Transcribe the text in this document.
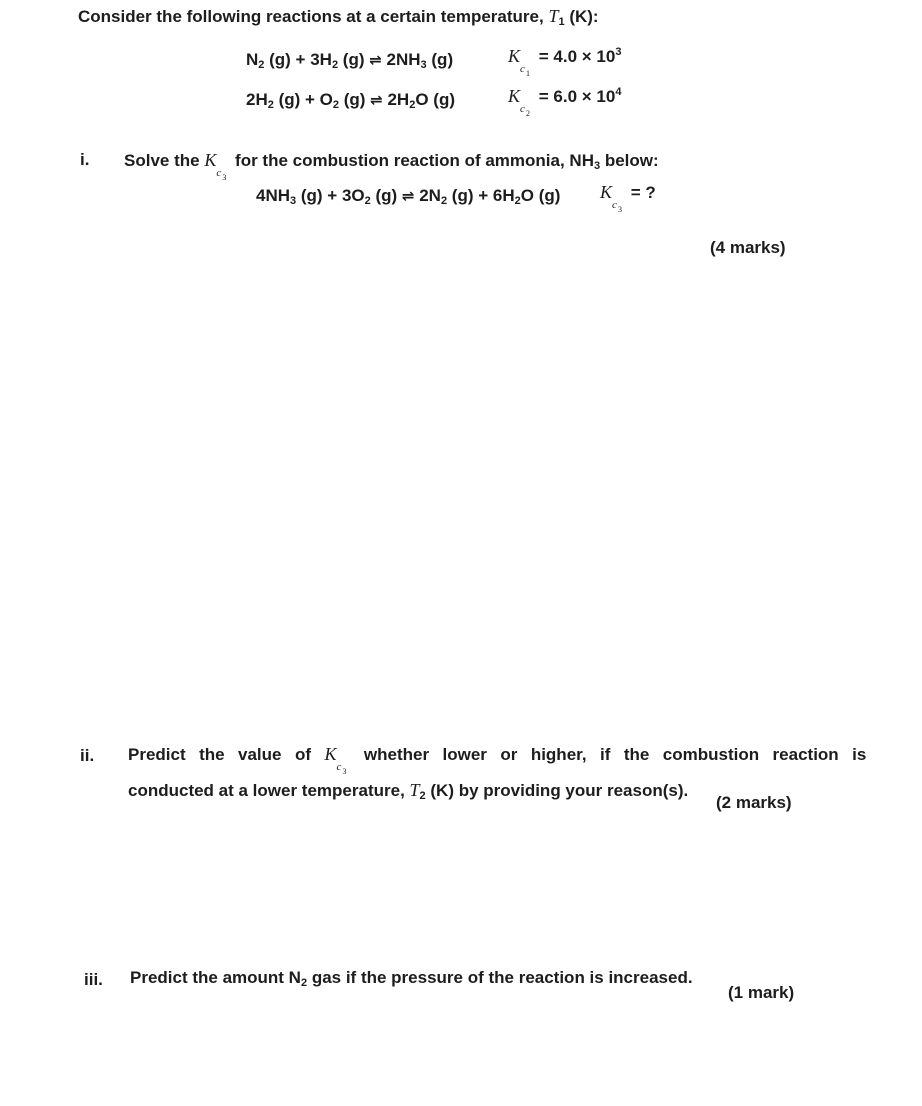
Consider the following reactions at a certain temperature, $T_1$ (K):
$N_2$ $(g) + 3H_2$ (g) ⇌ $2NH_3$ (g)	Kc 1
= $4.0 \times 10^3$
$2H_2$ $(g) + O_2$ (g) ⇌ $2H_2O$ (g)	Kc 2
= $6.0 \times 10^4$
i. Solve the Kc 3
for the combustion reaction of ammonia, $NH_3$ below:
$4NH_3$ $(g) + 3O_2$ (g) ⇌ $2N_2$ $(g) + 6H_2O$ (g) Kc 3
= ?
(4 marks)
ii. Predict  the  value  of  Kc 3
whether  lower  or  higher,  if  the  combustion  reaction  is
conducted at a lower temperature, $T_2$ (K) by providing your reason(s).
(2 marks)
iii. Predict the amount $N_2$ gas if the pressure of the reaction is increased.
(1 mark)
